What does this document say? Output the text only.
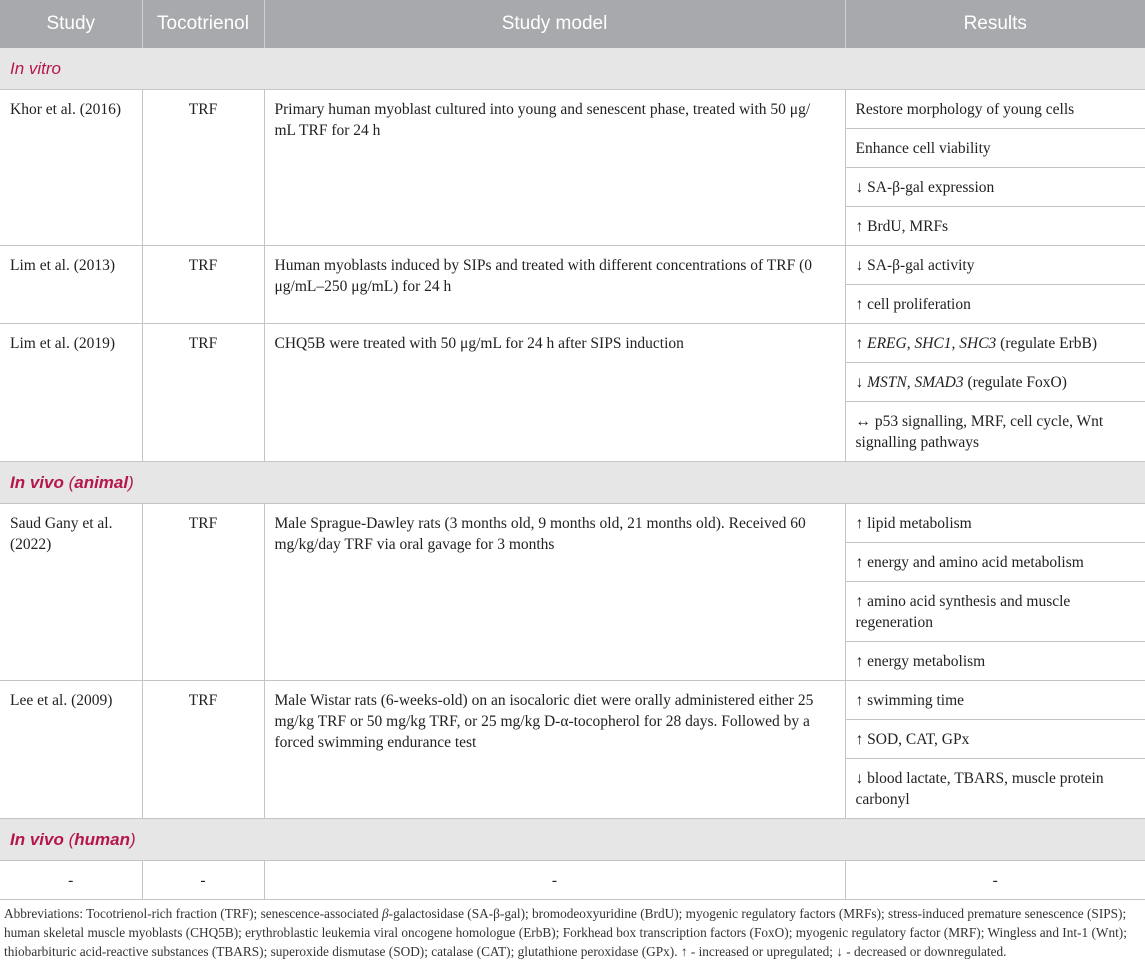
Study	Tocotrienol	Study model	Results
In vitro			
Khor et al. (2016)	TRF	Primary human myoblast cultured into young and senescent phase, treated with 50 μg/ mL TRF for 24 h	Restore morphology of young cells
Enhance cell viability
↓ SA-β-gal expression
↑ BrdU, MRFs

Lim et al. (2013)	TRF	Human myoblasts induced by SIPs and treated with different concentrations of TRF (0 μg/mL–250 μg/mL) for 24 h	↓ SA-β-gal activity
↑ cell proliferation

Lim et al. (2019)	TRF	CHQ5B were treated with 50 μg/mL for 24 h after SIPS induction	↑ EREG, SHC1, SHC3 (regulate ErbB)
↓ MSTN, SMAD3 (regulate FoxO)
↔ p53 signalling, MRF, cell cycle, Wnt signalling pathways

In vivo (animal)			
Saud Gany et al. (2022)	TRF	Male Sprague-Dawley rats (3 months old, 9 months old, 21 months old). Received 60 mg/kg/day TRF via oral gavage for 3 months	↑ lipid metabolism
↑ energy and amino acid metabolism
↑ amino acid synthesis and muscle regeneration
↑ energy metabolism

Lee et al. (2009)	TRF	Male Wistar rats (6-weeks-old) on an isocaloric diet were orally administered either 25 mg/kg TRF or 50 mg/kg TRF, or 25 mg/kg D-α-tocopherol for 28 days. Followed by a forced swimming endurance test	↑ swimming time
↑ SOD, CAT, GPx
↓ blood lactate, TBARS, muscle protein carbonyl

In vivo (human)			
-	-	-	-
Abbreviations: Tocotrienol-rich fraction (TRF); senescence-associated β-galactosidase (SA-β-gal); bromodeoxyuridine (BrdU); myogenic regulatory factors (MRFs); stress-induced premature senescence (SIPS); human skeletal muscle myoblasts (CHQ5B); erythroblastic leukemia viral oncogene homologue (ErbB); Forkhead box transcription factors (FoxO); myogenic regulatory factor (MRF); Wingless and Int-1 (Wnt); thiobarbituric acid-reactive substances (TBARS); superoxide dismutase (SOD); catalase (CAT); glutathione peroxidase (GPx). ↑ - increased or upregulated; ↓ - decreased or downregulated.
